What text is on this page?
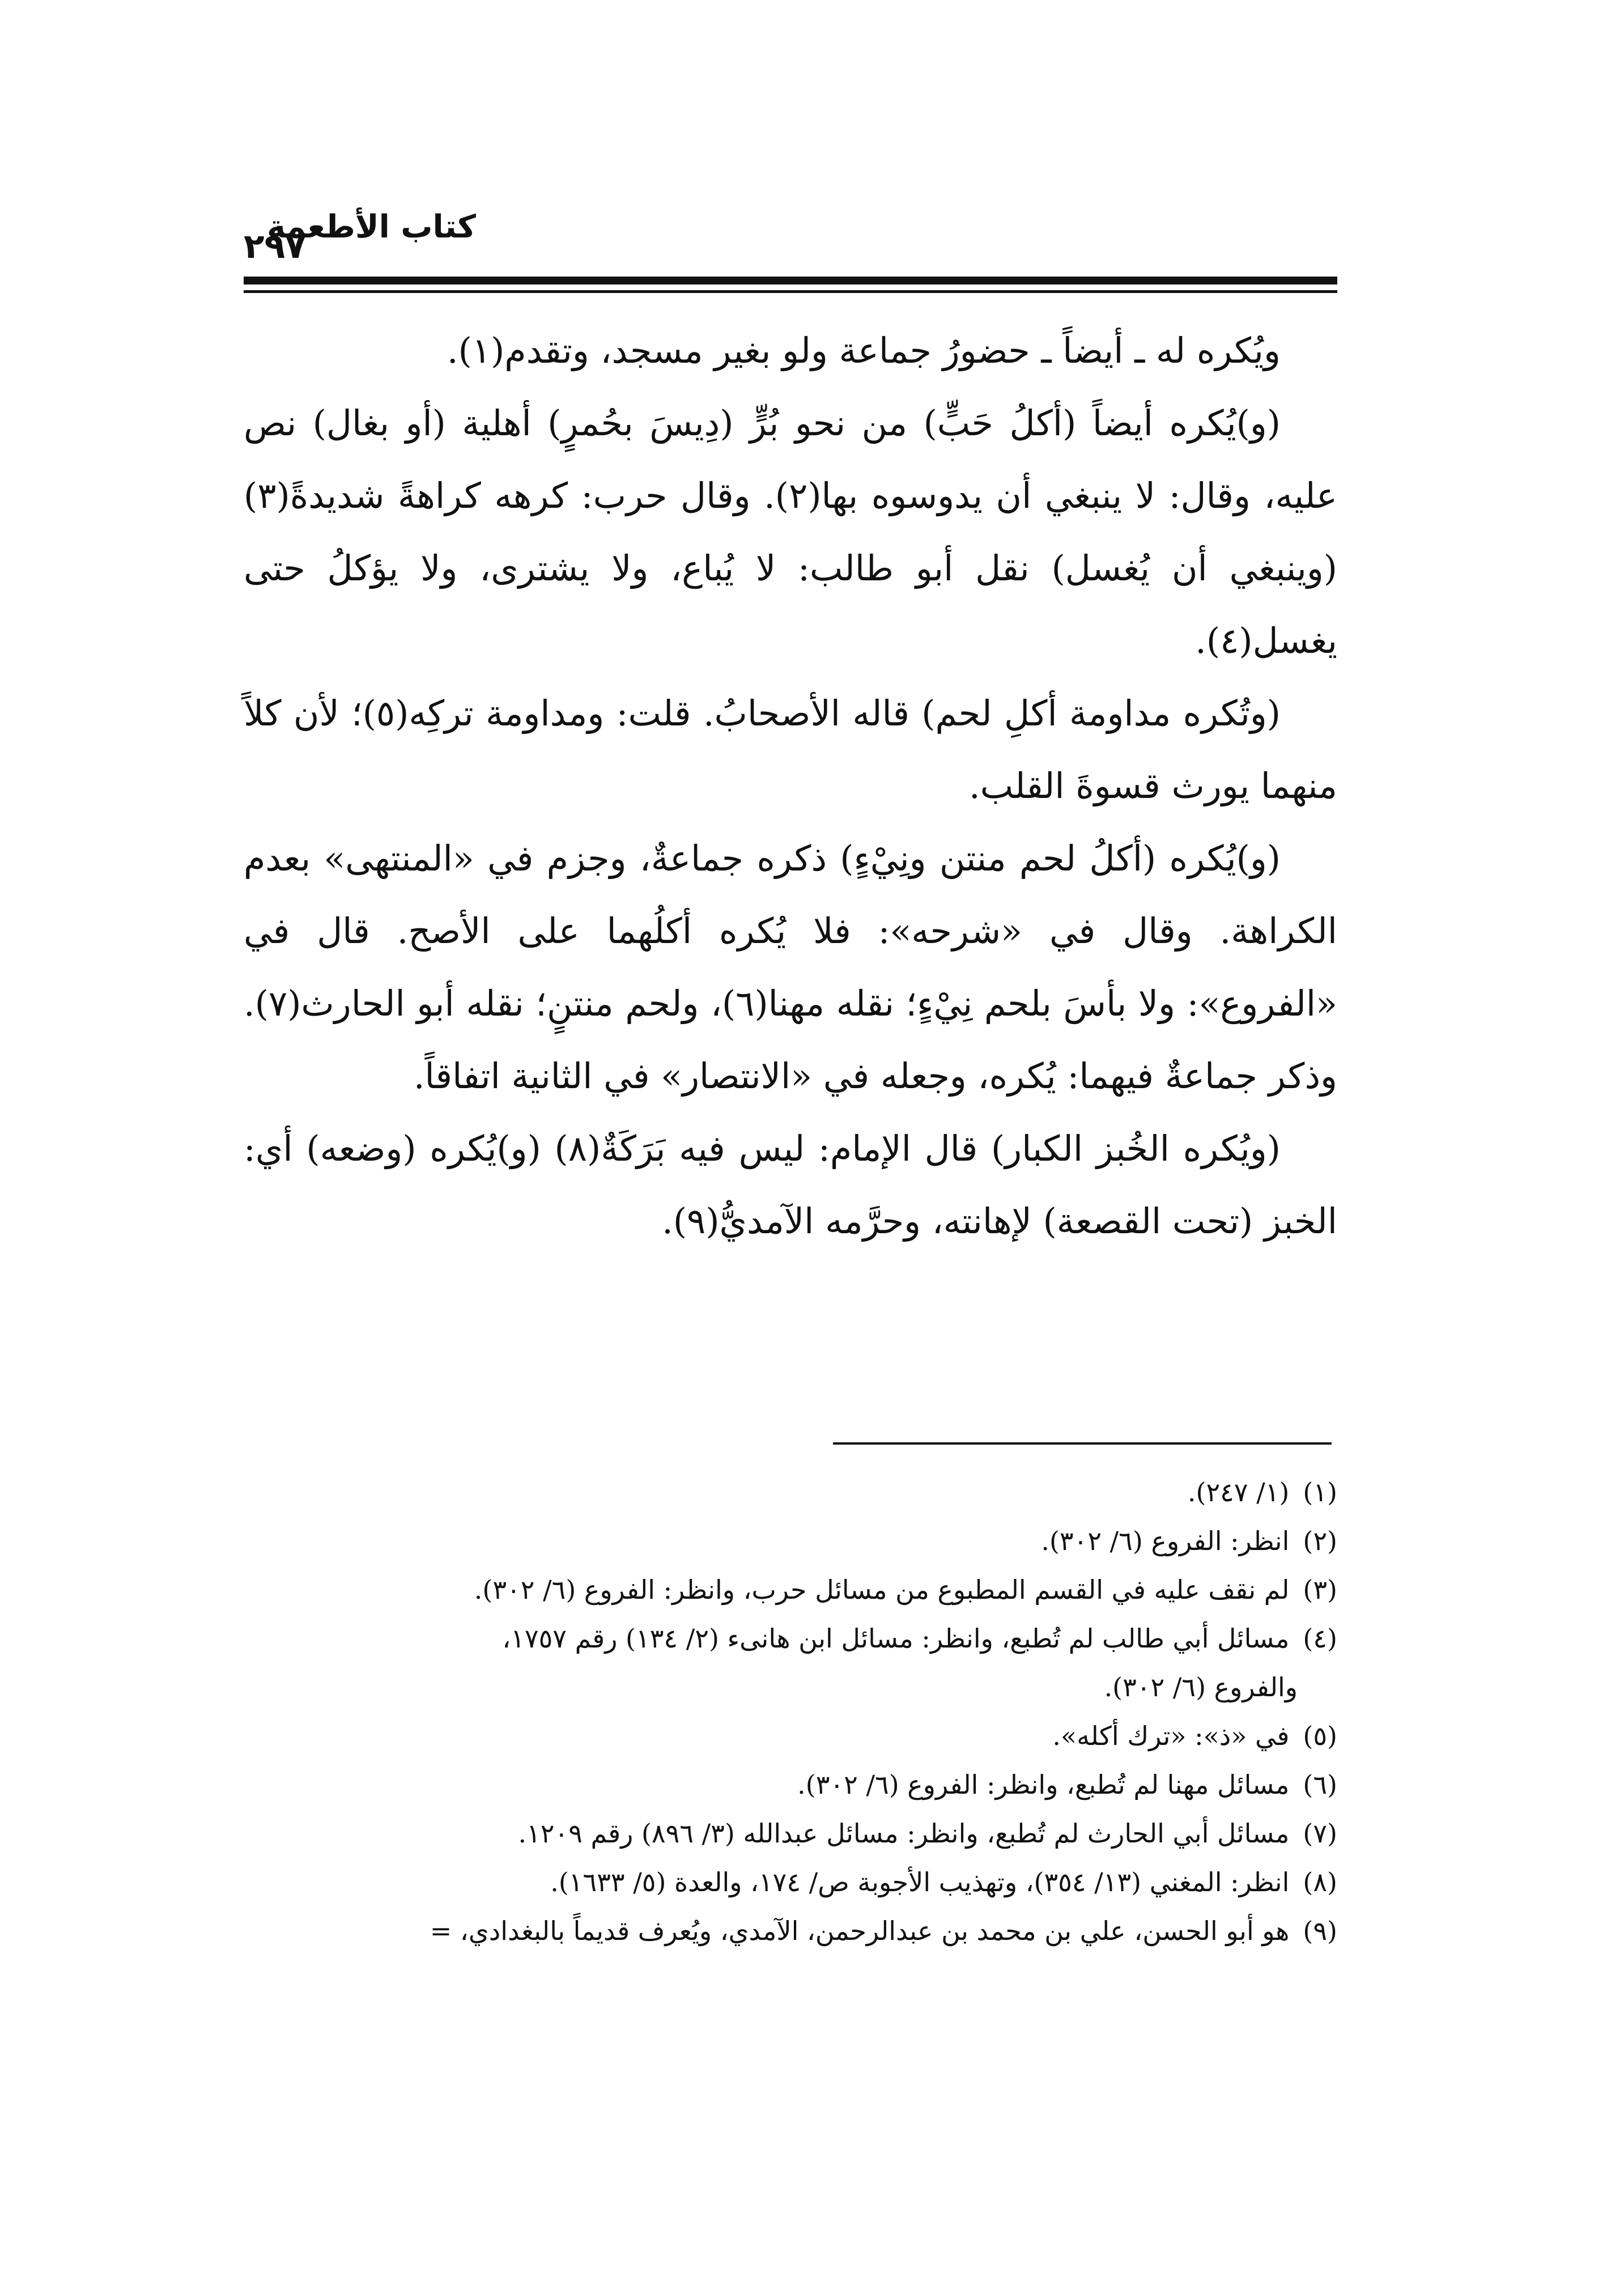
كتاب الأطعمة
٢٩٧

ويُكره له ـ أيضاً ـ حضورُ جماعة ولو بغير مسجد، وتقدم(١).

(و)يُكره أيضاً (أكلُ حَبٍّ) من نحو بُرٍّ (دِيسَ بحُمرٍ) أهلية (أو بغال) نص عليه، وقال: لا ينبغي أن يدوسوه بها(٢). وقال حرب: كرهه كراهةً شديدةً(٣) (وينبغي أن يُغسل) نقل أبو طالب: لا يُباع، ولا يشترى، ولا يؤكلُ حتى يغسل(٤).

(وتُكره مداومة أكلِ لحم) قاله الأصحابُ. قلت: ومداومة تركِه(٥)؛ لأن كلاً منهما يورث قسوةَ القلب.

(و)يُكره (أكلُ لحم منتن ونِيْءٍ) ذكره جماعةٌ، وجزم في «المنتهى» بعدم الكراهة. وقال في «شرحه»: فلا يُكره أكلُهما على الأصح. قال في «الفروع»: ولا بأسَ بلحم نِيْءٍ؛ نقله مهنا(٦)، ولحم منتنٍ؛ نقله أبو الحارث(٧). وذكر جماعةٌ فيهما: يُكره، وجعله في «الانتصار» في الثانية اتفاقاً.

(ويُكره الخُبز الكبار) قال الإمام: ليس فيه بَرَكَةٌ(٨) (و)يُكره (وضعه) أي: الخبز (تحت القصعة) لإهانته، وحرَّمه الآمديُّ(٩).

(١) (١/ ٢٤٧).

(٢) انظر: الفروع (٦/ ٣٠٢).

(٣) لم نقف عليه في القسم المطبوع من مسائل حرب، وانظر: الفروع (٦/ ٣٠٢).

(٤) مسائل أبي طالب لم تُطبع، وانظر: مسائل ابن هانىء (٢/ ١٣٤) رقم ١٧٥٧،

والفروع (٦/ ٣٠٢).

(٥) في «ذ»: «ترك أكله».

(٦) مسائل مهنا لم تُطبع، وانظر: الفروع (٦/ ٣٠٢).

(٧) مسائل أبي الحارث لم تُطبع، وانظر: مسائل عبدالله (٣/ ٨٩٦) رقم ١٢٠٩.

(٨) انظر: المغني (١٣/ ٣٥٤)، وتهذيب الأجوبة ص/ ١٧٤، والعدة (٥/ ١٦٣٣).

(٩) هو أبو الحسن، علي بن محمد بن عبدالرحمن، الآمدي، ويُعرف قديماً بالبغدادي، =
